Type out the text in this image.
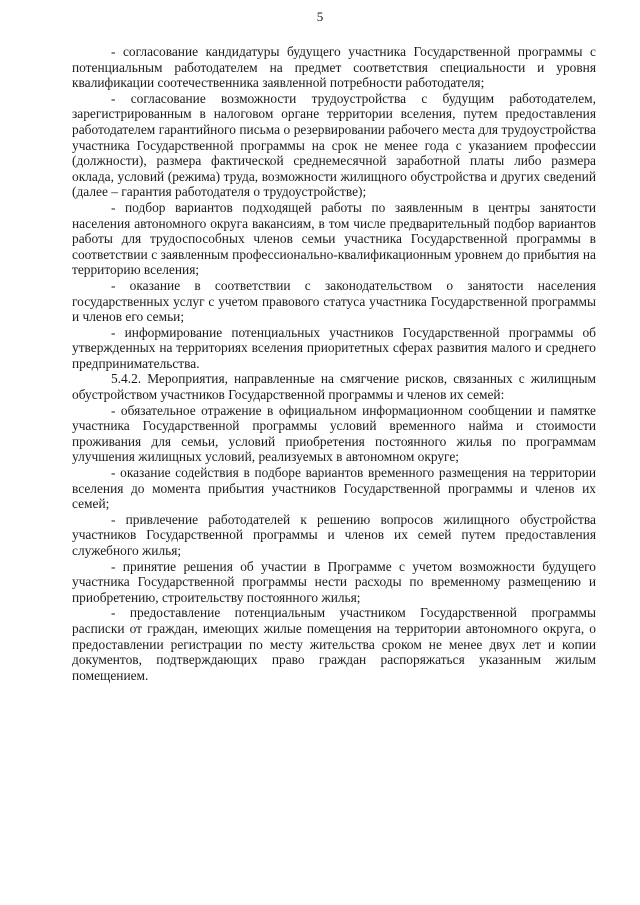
5

- согласование кандидатуры будущего участника Государственной программы с потенциальным работодателем на предмет соответствия специальности и уровня квалификации соотечественника заявленной потребности работодателя;

- согласование возможности трудоустройства с будущим работодателем, зарегистрированным в налоговом органе территории вселения, путем предоставления работодателем гарантийного письма о резервировании рабочего места для трудоустройства участника Государственной программы на срок не менее года с указанием профессии (должности), размера фактической среднемесячной заработной платы либо размера оклада, условий (режима) труда, возможности жилищного обустройства и других сведений (далее – гарантия работодателя о трудоустройстве);

- подбор вариантов подходящей работы по заявленным в центры занятости населения автономного округа вакансиям, в том числе предварительный подбор вариантов работы для трудоспособных членов семьи участника Государственной программы в соответствии с заявленным профессионально-квалификационным уровнем до прибытия на территорию вселения;

- оказание в соответствии с законодательством о занятости населения государственных услуг с учетом правового статуса участника Государственной программы и членов его семьи;

- информирование потенциальных участников Государственной программы об утвержденных на территориях вселения приоритетных сферах развития малого и среднего предпринимательства.

5.4.2. Мероприятия, направленные на смягчение рисков, связанных с жилищным обустройством участников Государственной программы и членов их семей:

- обязательное отражение в официальном информационном сообщении и памятке участника Государственной программы условий временного найма и стоимости проживания для семьи, условий приобретения постоянного жилья по программам улучшения жилищных условий, реализуемых в автономном округе;

- оказание содействия в подборе вариантов временного размещения на территории вселения до момента прибытия участников Государственной программы и членов их семей;

- привлечение работодателей к решению вопросов жилищного обустройства участников Государственной программы и членов их семей путем предоставления служебного жилья;

- принятие решения об участии в Программе с учетом возможности будущего участника Государственной программы нести расходы по временному размещению и приобретению, строительству постоянного жилья;

- предоставление потенциальным участником Государственной программы расписки от граждан, имеющих жилые помещения на территории автономного округа, о предоставлении регистрации по месту жительства сроком не менее двух лет и копии документов, подтверждающих право граждан распоряжаться указанным жилым помещением.
